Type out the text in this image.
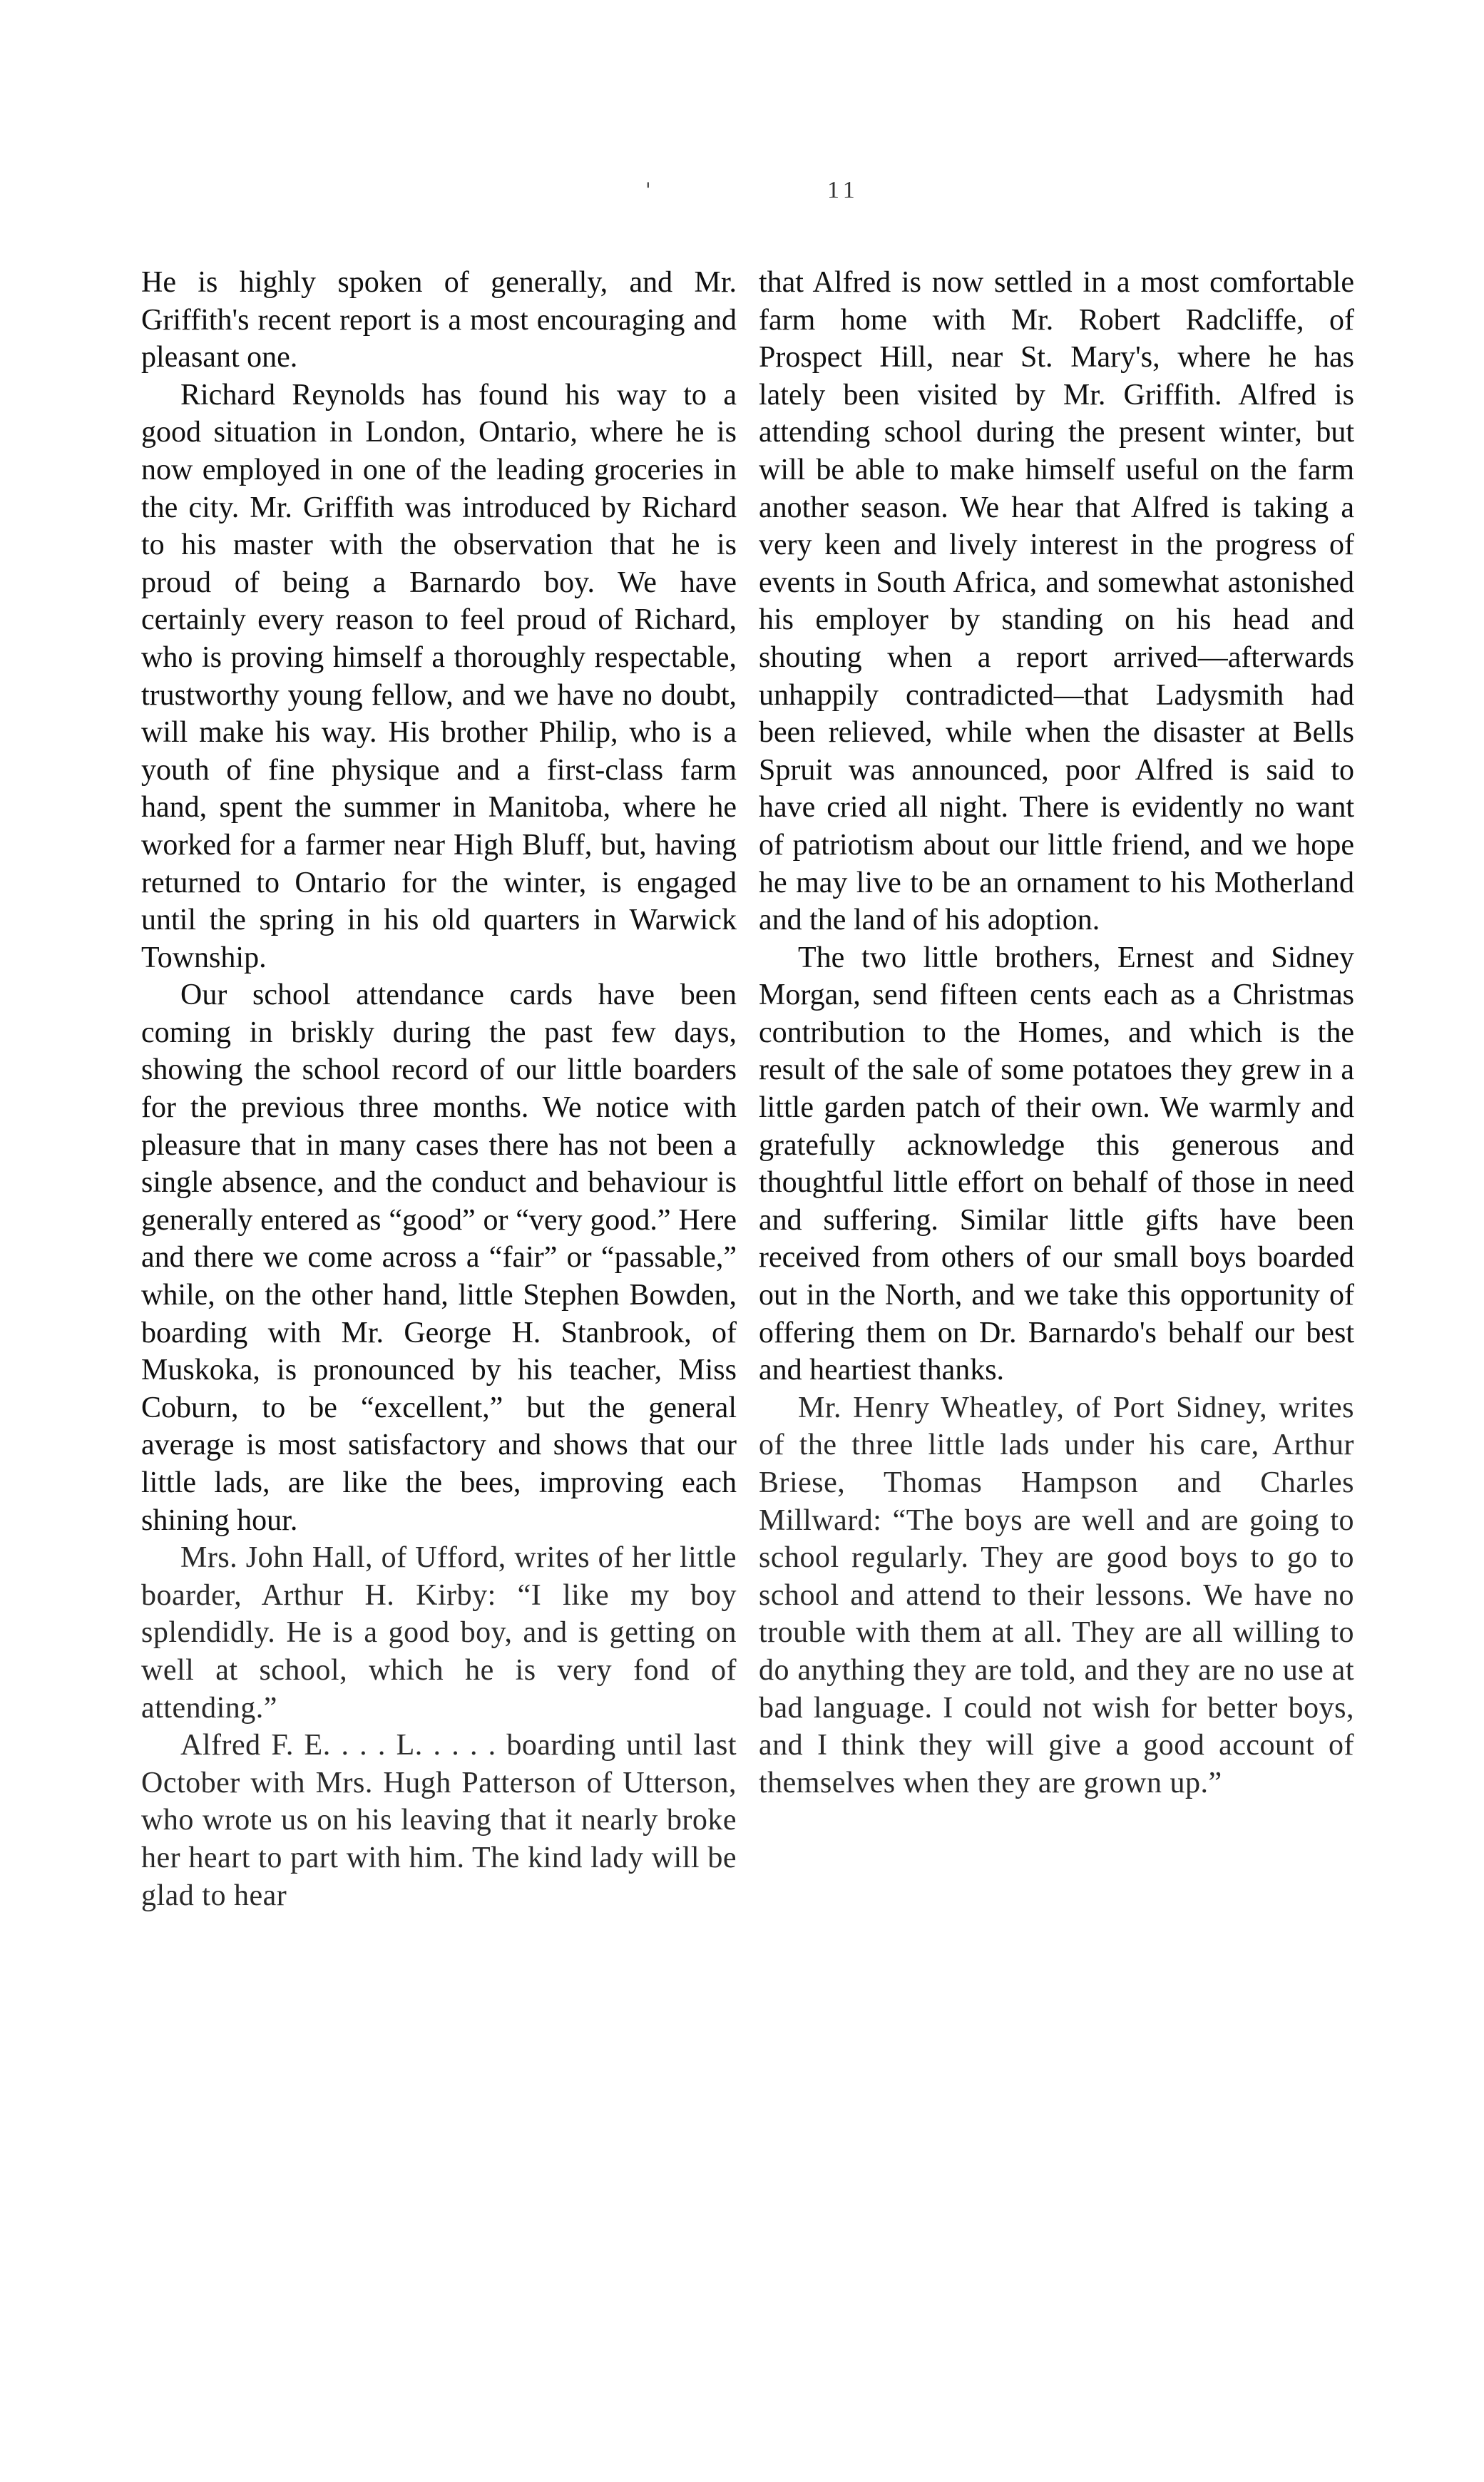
'	11

He is highly spoken of generally, and Mr. Griffith's recent report is a most encouraging and pleasant one.

Richard Reynolds has found his way to a good situation in London, Ontario, where he is now employed in one of the leading groceries in the city. Mr. Griffith was introduced by Richard to his master with the observation that he is proud of being a Barnardo boy. We have certainly every reason to feel proud of Richard, who is proving himself a thoroughly respectable, trustworthy young fellow, and we have no doubt, will make his way. His brother Philip, who is a youth of fine physique and a first-class farm hand, spent the summer in Manitoba, where he worked for a farmer near High Bluff, but, having returned to Ontario for the winter, is engaged until the spring in his old quarters in Warwick Township.

Our school attendance cards have been coming in briskly during the past few days, showing the school record of our little boarders for the previous three months. We notice with pleasure that in many cases there has not been a single absence, and the conduct and behaviour is generally entered as “good” or “very good.” Here and there we come across a “fair” or “passable,” while, on the other hand, little Stephen Bowden, boarding with Mr. George H. Stanbrook, of Muskoka, is pronounced by his teacher, Miss Coburn, to be “excellent,” but the general average is most satisfactory and shows that our little lads, are like the bees, improving each shining hour.

Mrs. John Hall, of Ufford, writes of her little boarder, Arthur H. Kirby: “I like my boy splendidly. He is a good boy, and is getting on well at school, which he is very fond of attending.”

Alfred F. E. . . . L. . . . . boarding until last October with Mrs. Hugh Patterson of Utterson, who wrote us on his leaving that it nearly broke her heart to part with him. The kind lady will be glad to hear

that Alfred is now settled in a most comfortable farm home with Mr. Robert Radcliffe, of Prospect Hill, near St. Mary's, where he has lately been visited by Mr. Griffith. Alfred is attending school during the present winter, but will be able to make himself useful on the farm another season. We hear that Alfred is taking a very keen and lively interest in the progress of events in South Africa, and somewhat astonished his employer by standing on his head and shouting when a report arrived—afterwards unhappily contradicted—that Ladysmith had been relieved, while when the disaster at Bells Spruit was announced, poor Alfred is said to have cried all night. There is evidently no want of patriotism about our little friend, and we hope he may live to be an ornament to his Motherland and the land of his adoption.

The two little brothers, Ernest and Sidney Morgan, send fifteen cents each as a Christmas contribution to the Homes, and which is the result of the sale of some potatoes they grew in a little garden patch of their own. We warmly and gratefully acknowledge this generous and thoughtful little effort on behalf of those in need and suffering. Similar little gifts have been received from others of our small boys boarded out in the North, and we take this opportunity of offering them on Dr. Barnardo's behalf our best and heartiest thanks.

Mr. Henry Wheatley, of Port Sidney, writes of the three little lads under his care, Arthur Briese, Thomas Hampson and Charles Millward: “The boys are well and are going to school regularly. They are good boys to go to school and attend to their lessons. We have no trouble with them at all. They are all willing to do anything they are told, and they are no use at bad language. I could not wish for better boys, and I think they will give a good account of themselves when they are grown up.”
